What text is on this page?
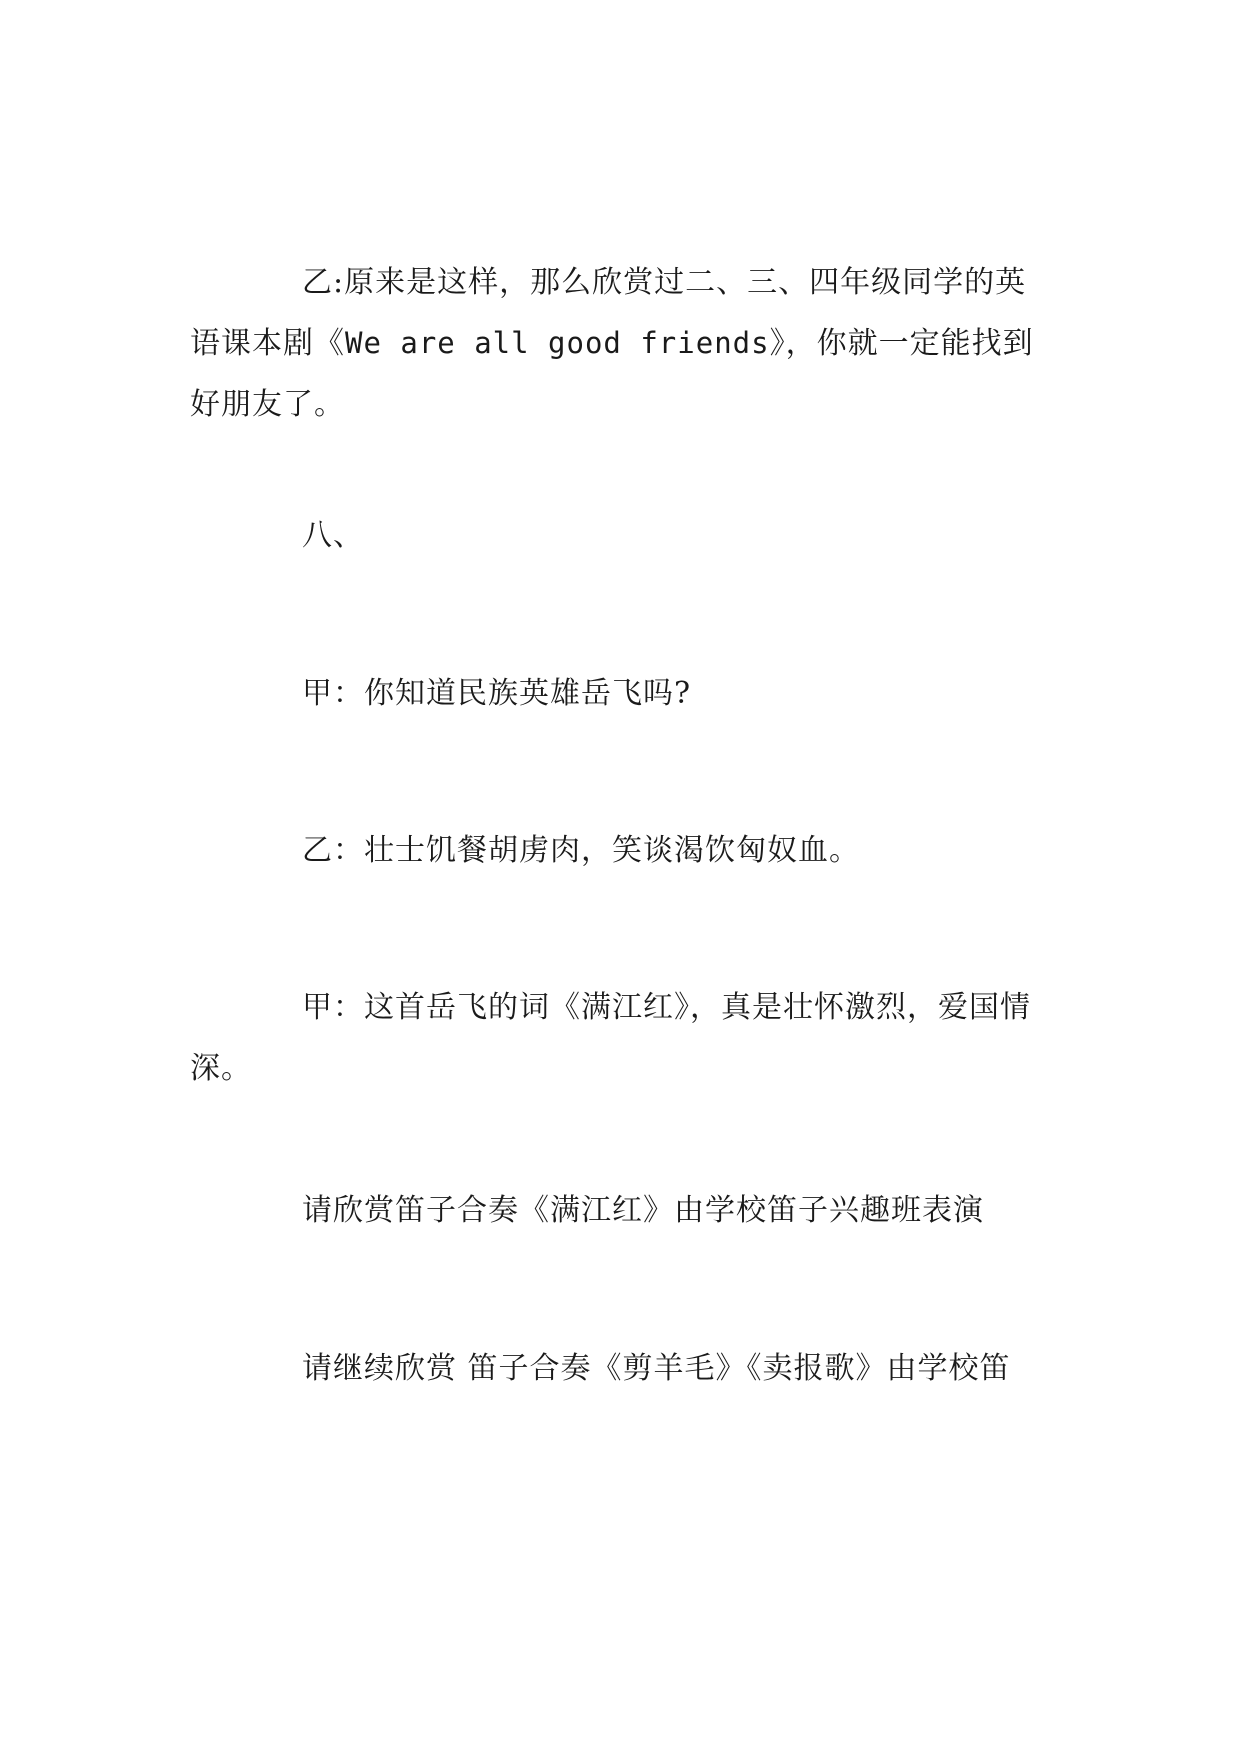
乙:原来是这样，那么欣赏过二、三、四年级同学的英语课本剧《We are all good friends》，你就一定能找到好朋友了。

八、

甲：你知道民族英雄岳飞吗?

乙：壮士饥餐胡虏肉，笑谈渴饮匈奴血。

甲：这首岳飞的词《满江红》，真是壮怀激烈，爱国情深。

请欣赏笛子合奏《满江红》由学校笛子兴趣班表演

请继续欣赏 笛子合奏《剪羊毛》《卖报歌》由学校笛
